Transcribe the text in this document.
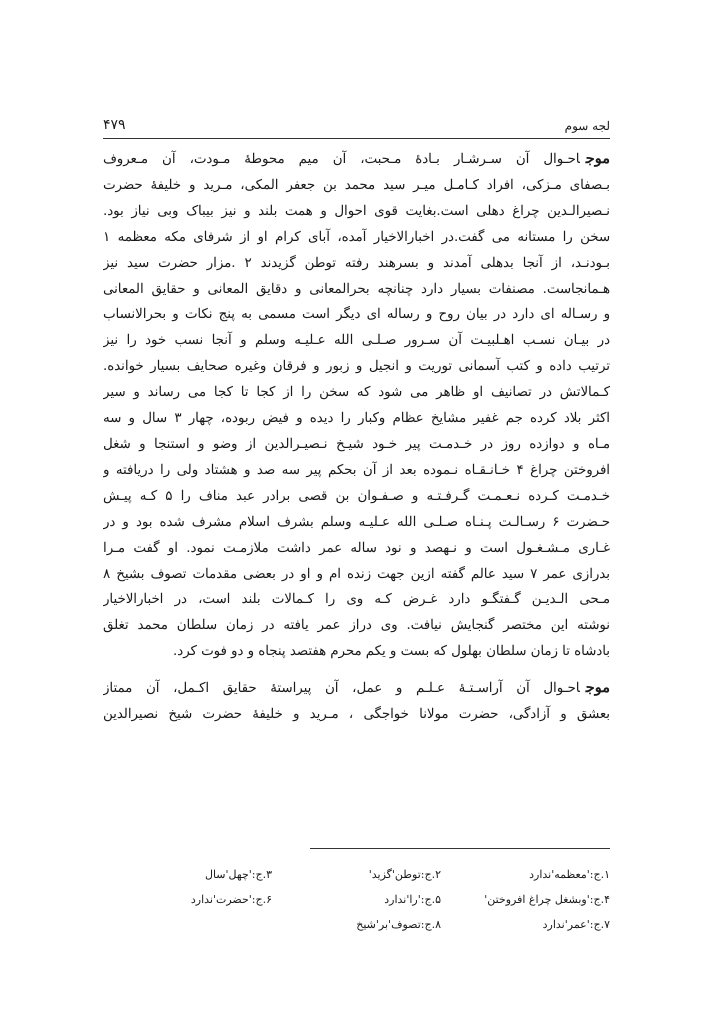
۴۷۹	لجه سوم

موجاحـوال آن سـرشـار بـادهٔ مـحبت، آن میم محوطهٔ مـودت، آن مـعروف
بـصفای مـزکی، افراد کـامـل میـر سید محمد بن جعفر المکی، مـرید و خلیفهٔ حضرت
نـصیرالـدین چراغ دهلی است.بغایت قوی احوال و همت بلند و نیز بیباک وبی نیاز بود.
سخن را مستانه می گفت.در اخبارالاخیار آمده، آبای کرام او از شرفای مکه معظمه ۱
بـودنـد، از آنجا بدهلی آمدند و بسرهند رفته توطن گزیدند ۲ .مزار حضرت سید نیز
هـمانجاست. مصنفات بسیار دارد چنانچه بحرالمعانی و دقایق المعانی و حقایق المعانی
و رسـاله ای دارد در بیان روح و رساله ای دیگر است مسمی به پنج نکات و بحرالانساب
در بیـان نسـب اهـلبیـت آن سـرور صـلـی الله عـلیـه وسلم و آنجا نسب خود را نیز
ترتیب داده و کتب آسمانی توریت و انجیل و زبور و فرقان وغیره صحایف بسیار خوانده.
کـمالاتش در تصانیف او ظاهر می شود که سخن را از کجا تا کجا می رساند و سیر
اکثر بلاد کرده جم غفیر مشایخ عظام وکبار را دیده و فیض ربوده، چهار ۳ سال و سه
مـاه و دوازده روز در خـدمـت پیر خـود شیـخ نـصیـرالدین از وضو و استنجا و شغل
افروختن چراغ ۴ خـانـقـاه نـموده بعد از آن بحکم پیر سه صد و هشتاد ولی را دریافته و
خـدمـت کـرده نـعـمـت گـرفـتـه و صـفـوان بن قصی برادر عبد مناف را ۵ کـه پیـش
حـضرت ۶ رسـالـت پـنـاه صـلـی الله عـلیـه وسلم بشرف اسلام مشرف شده بود و در
غـاری مـشـغـول است و نـهصد و نود ساله عمر داشت ملازمـت نمود. او گفت مـرا
بدرازی عمر ۷ سید عالم گفته ازین جهت زنده ام و او در بعضی مقدمات تصوف بشیخ ۸
مـحی الـدیـن گـفتگـو دارد غـرض کـه وی را کـمالات بلند است، در اخبارالاخیار
نوشته این مختصر گنجایش نیافت. وی دراز عمر یافته در زمان سلطان محمد تغلق
بادشاه تا زمان سلطان بهلول که بست و یکم محرم هفتصد پنجاه و دو فوت کرد.

موجاحـوال آن آراسـتـهٔ عـلـم و عمل، آن پیراستهٔ حقایق اکـمل، آن ممتاز
بعشق و آزادگی، حضرت مولانا خواجگی ، مـرید و خلیفهٔ حضرت شیخ نصیرالدین

۱.ج:'معظمه'ندارد
۲.ج:توطن'گزید'
۳.ج:'چهل'سال
۴.ج:'وبشغل چراغ افروختن'
۵.ج:'را'ندارد
۶.ج:'حضرت'ندارد
۷.ج:'عمر'ندارد
۸.ج:تصوف'بر'شیخ
